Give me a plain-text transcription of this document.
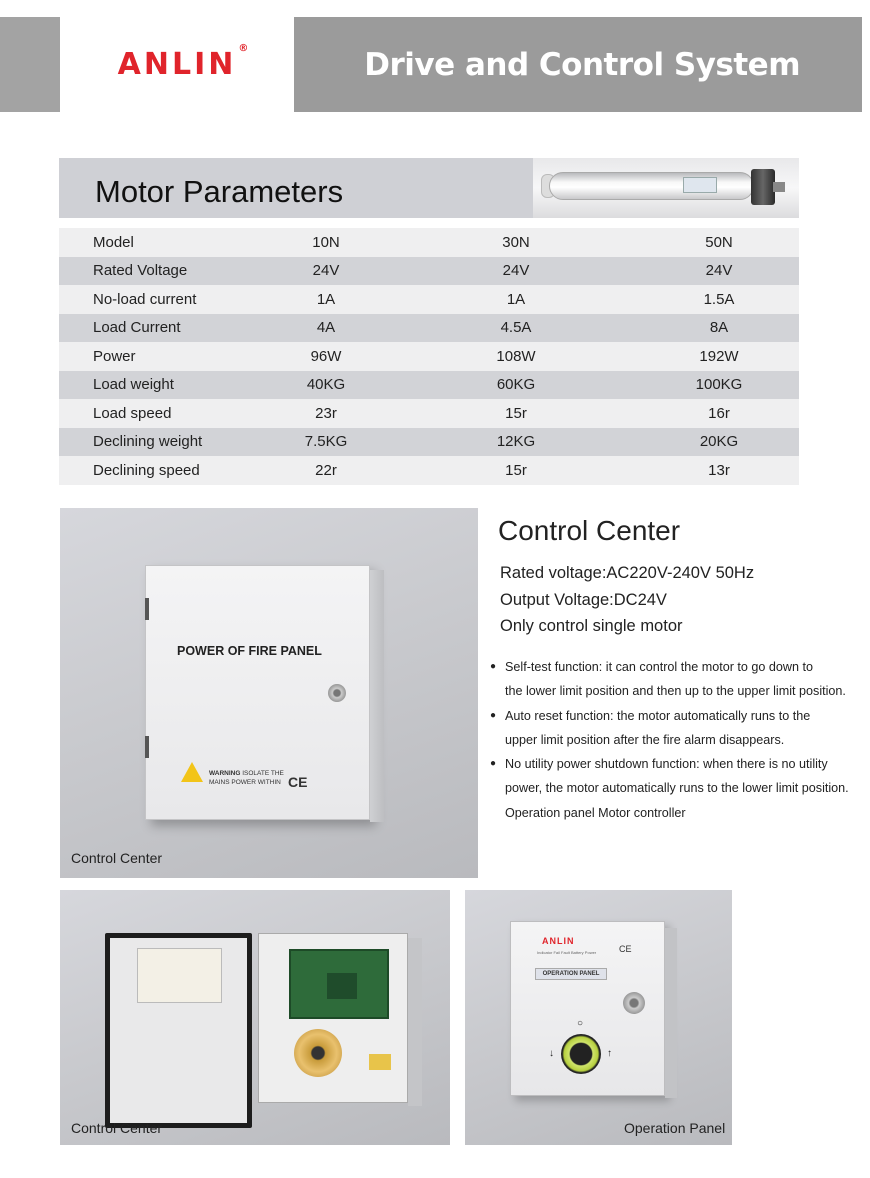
ANLIN ®	Drive and Control System
Motor Parameters
Model	10N	30N	50N
Rated Voltage	24V	24V	24V
No-load current	1A	1A	1.5A
Load Current	4A	4.5A	8A
Power	96W	108W	192W
Load weight	40KG	60KG	100KG
Load speed	23r	15r	16r
Declining weight	7.5KG	12KG	20KG
Declining speed	22r	15r	13r
POWER OF FIRE PANEL
WARNING ISOLATE THE
MAINS POWER WITHIN CE
Control Center
Control Center
Rated voltage:AC220V-240V 50Hz
Output Voltage:DC24V
Only control single motor
● Self-test function: it can control the motor to go down to
the lower limit position and then up to the upper limit position.
● Auto reset function: the motor automatically runs to the
upper limit position after the fire alarm disappears.
● No utility power shutdown function: when there is no utility
power, the motor automatically runs to the lower limit position.
Operation panel Motor controller
Control Center
ANLIN
CE
Indicator Fail Fault Battery Power
OPERATION PANEL
↓
○
↑
Operation Panel
